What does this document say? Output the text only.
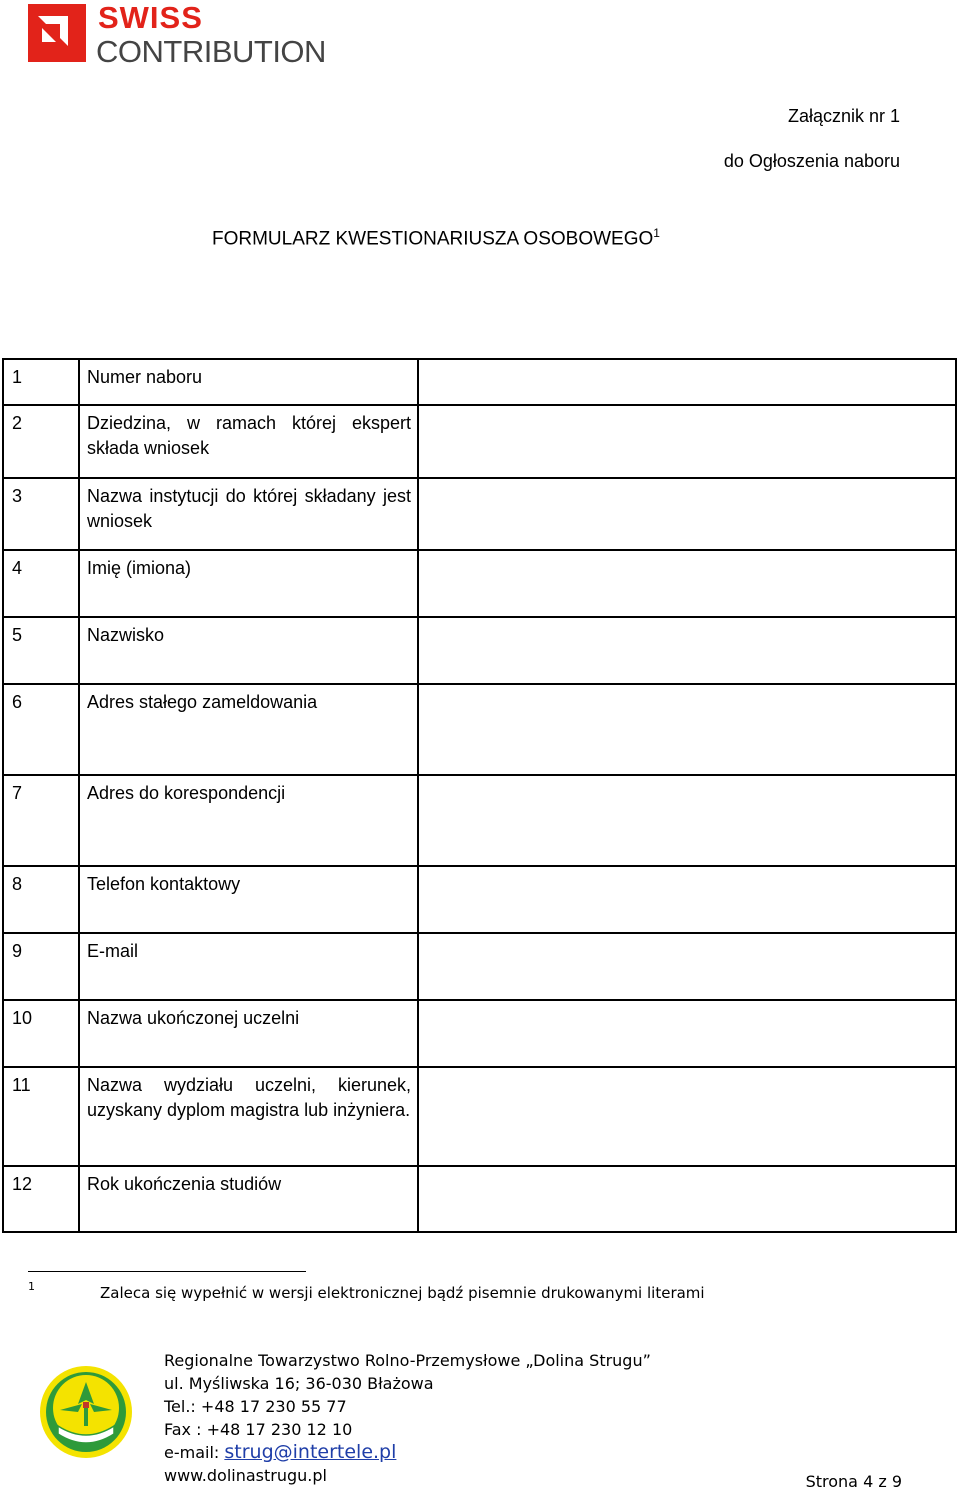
SWISS
CONTRIBUTION
Załącznik nr 1
do Ogłoszenia naboru
FORMULARZ KWESTIONARIUSZA OSOBOWEGO$^1$
1	Numer naboru	

2	Dziedzina, w ramach której ekspert składa wniosek	

3	Nazwa instytucji do której składany jest wniosek	

4	Imię (imiona)	

5	Nazwisko	

6	Adres stałego zameldowania	

7	Adres do korespondencji	

8	Telefon kontaktowy	

9	E-mail	

10	Nazwa ukończonej uczelni	

11	Nazwa wydziału uczelni, kierunek, uzyskany dyplom magistra lub inżyniera.	

12	Rok ukończenia studiów	

1	Zaleca się wypełnić w wersji elektronicznej bądź pisemnie drukowanymi literami
Regionalne Towarzystwo Rolno-Przemysłowe „Dolina Strugu”
ul. Myśliwska 16; 36-030 Błażowa
Tel.: +48 17 230 55 77
Fax : +48 17 230 12 10
e-mail: strug@intertele.pl
www.dolinastrugu.pl	Strona 4 z 9
